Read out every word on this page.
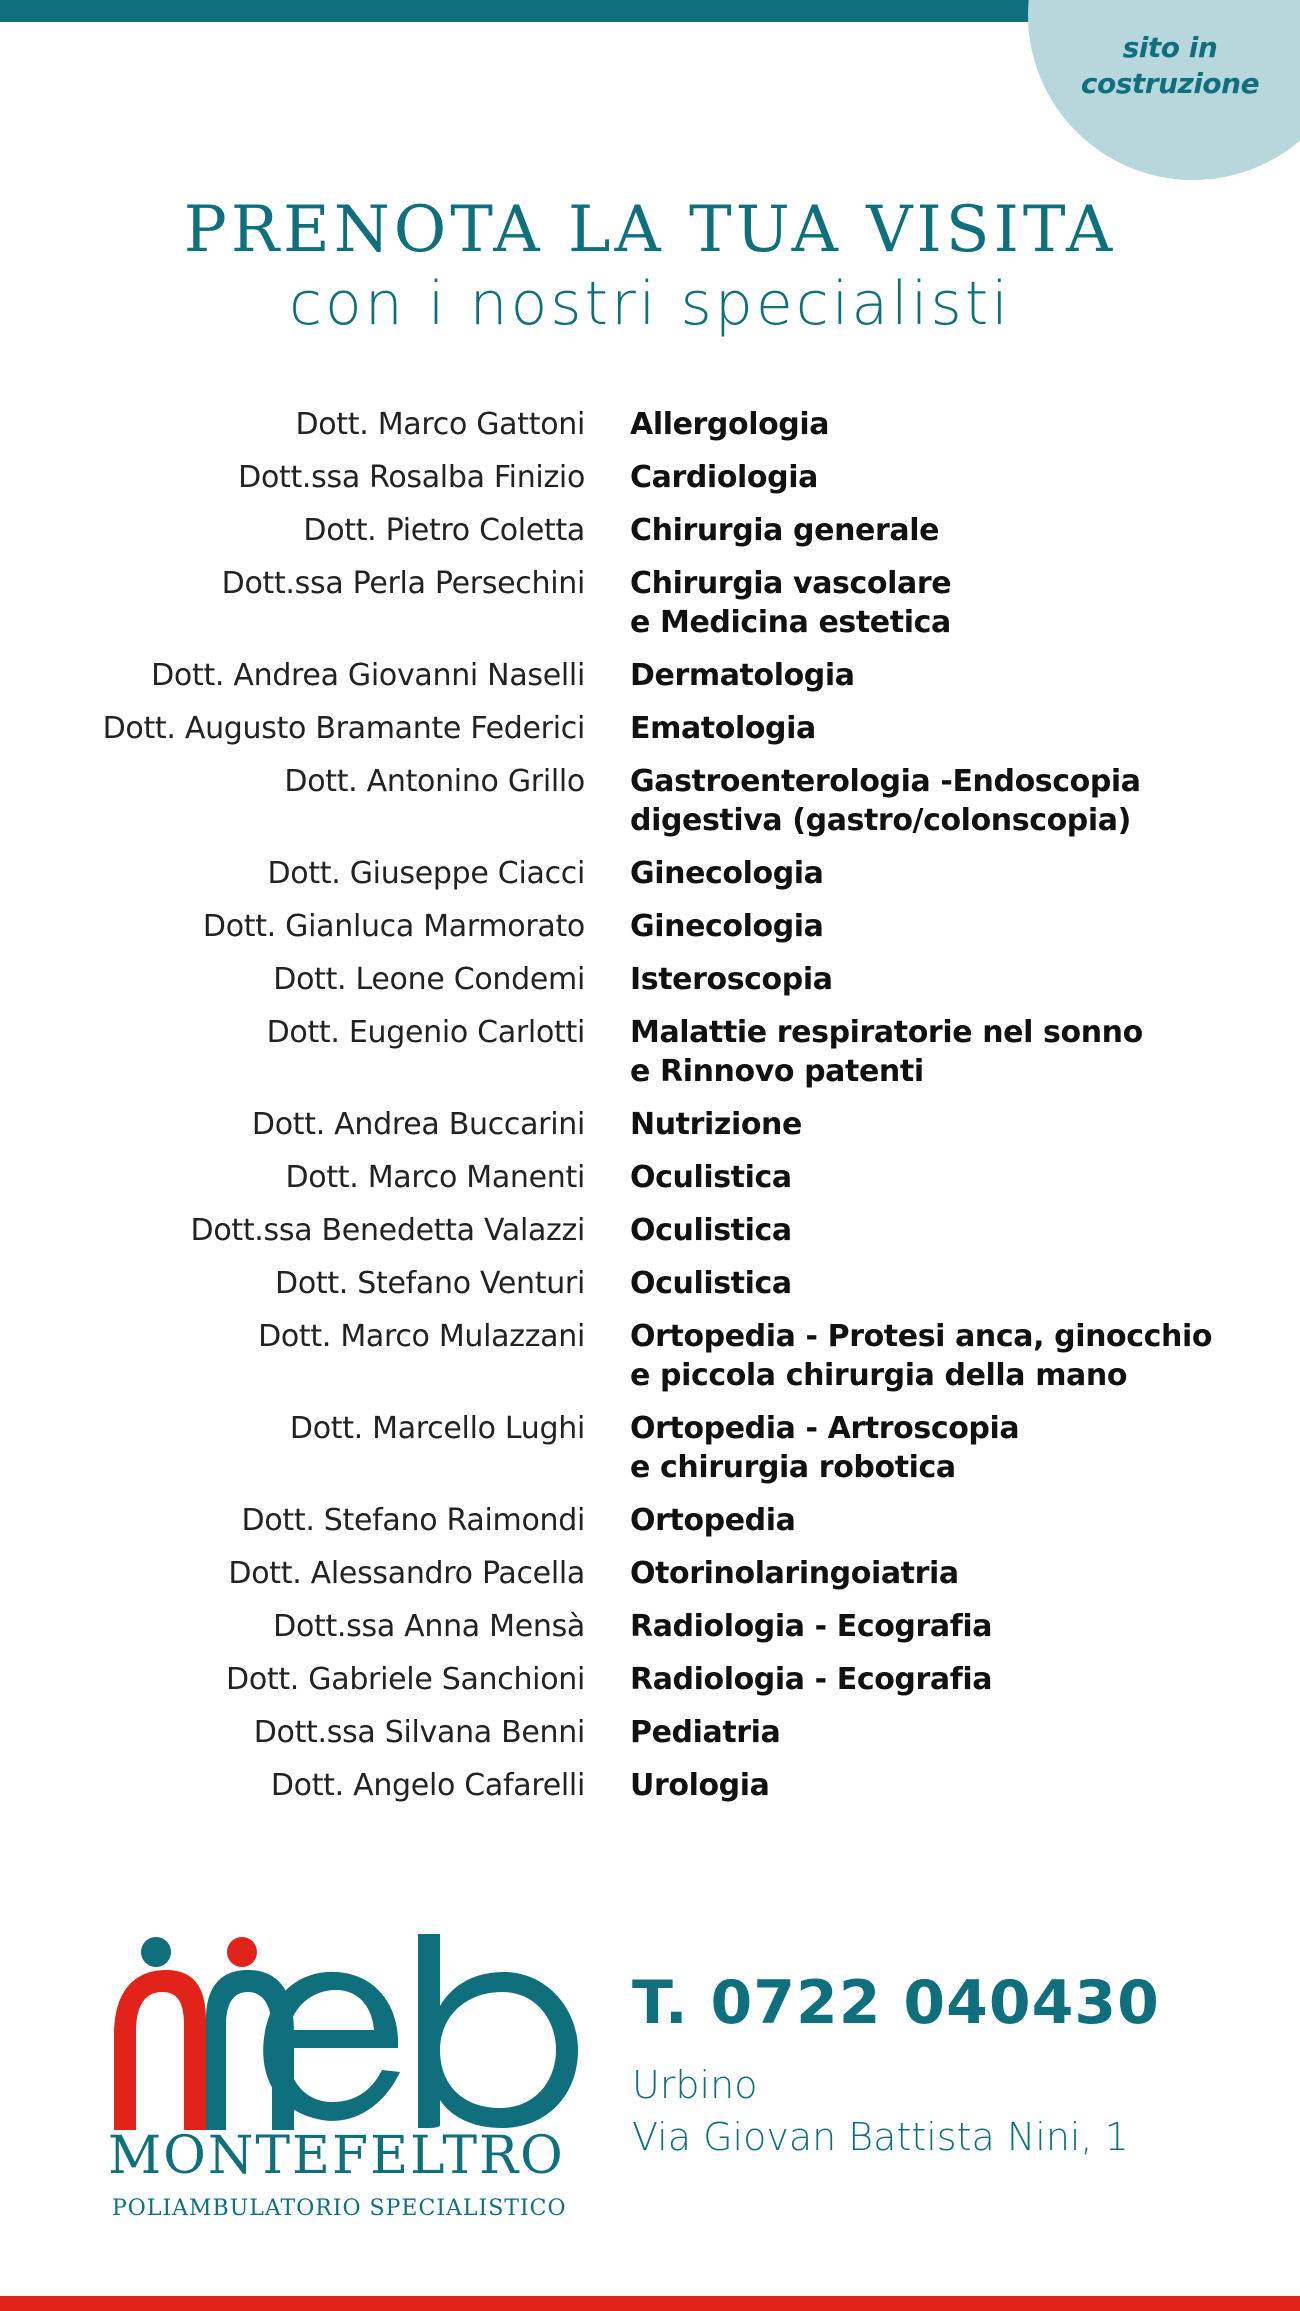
sito in
costruzione
PRENOTA LA TUA VISITA
con i nostri specialisti
Dott. Marco Gattoni Allergologia
Dott.ssa Rosalba Finizio Cardiologia
Dott. Pietro Coletta Chirurgia generale
Dott.ssa Perla Persechini Chirurgia vascolare
e Medicina estetica
Dott. Andrea Giovanni Naselli Dermatologia
Dott. Augusto Bramante Federici Ematologia
Dott. Antonino Grillo Gastroenterologia -Endoscopia
digestiva (gastro/colonscopia)
Dott. Giuseppe Ciacci Ginecologia
Dott. Gianluca Marmorato Ginecologia
Dott. Leone Condemi Isteroscopia
Dott. Eugenio Carlotti Malattie respiratorie nel sonno
e Rinnovo patenti
Dott. Andrea Buccarini Nutrizione
Dott. Marco Manenti Oculistica
Dott.ssa Benedetta Valazzi Oculistica
Dott. Stefano Venturi Oculistica
Dott. Marco Mulazzani Ortopedia - Protesi anca, ginocchio
e piccola chirurgia della mano
Dott. Marcello Lughi Ortopedia - Artroscopia
e chirurgia robotica
Dott. Stefano Raimondi Ortopedia
Dott. Alessandro Pacella Otorinolaringoiatria
Dott.ssa Anna Mensà Radiologia - Ecografia
Dott. Gabriele Sanchioni Radiologia - Ecografia
Dott.ssa Silvana Benni Pediatria
Dott. Angelo Cafarelli Urologia
MONTEFELTRO
POLIAMBULATORIO SPECIALISTICO
T. 0722 040430
Urbino
Via Giovan Battista Nini, 1
